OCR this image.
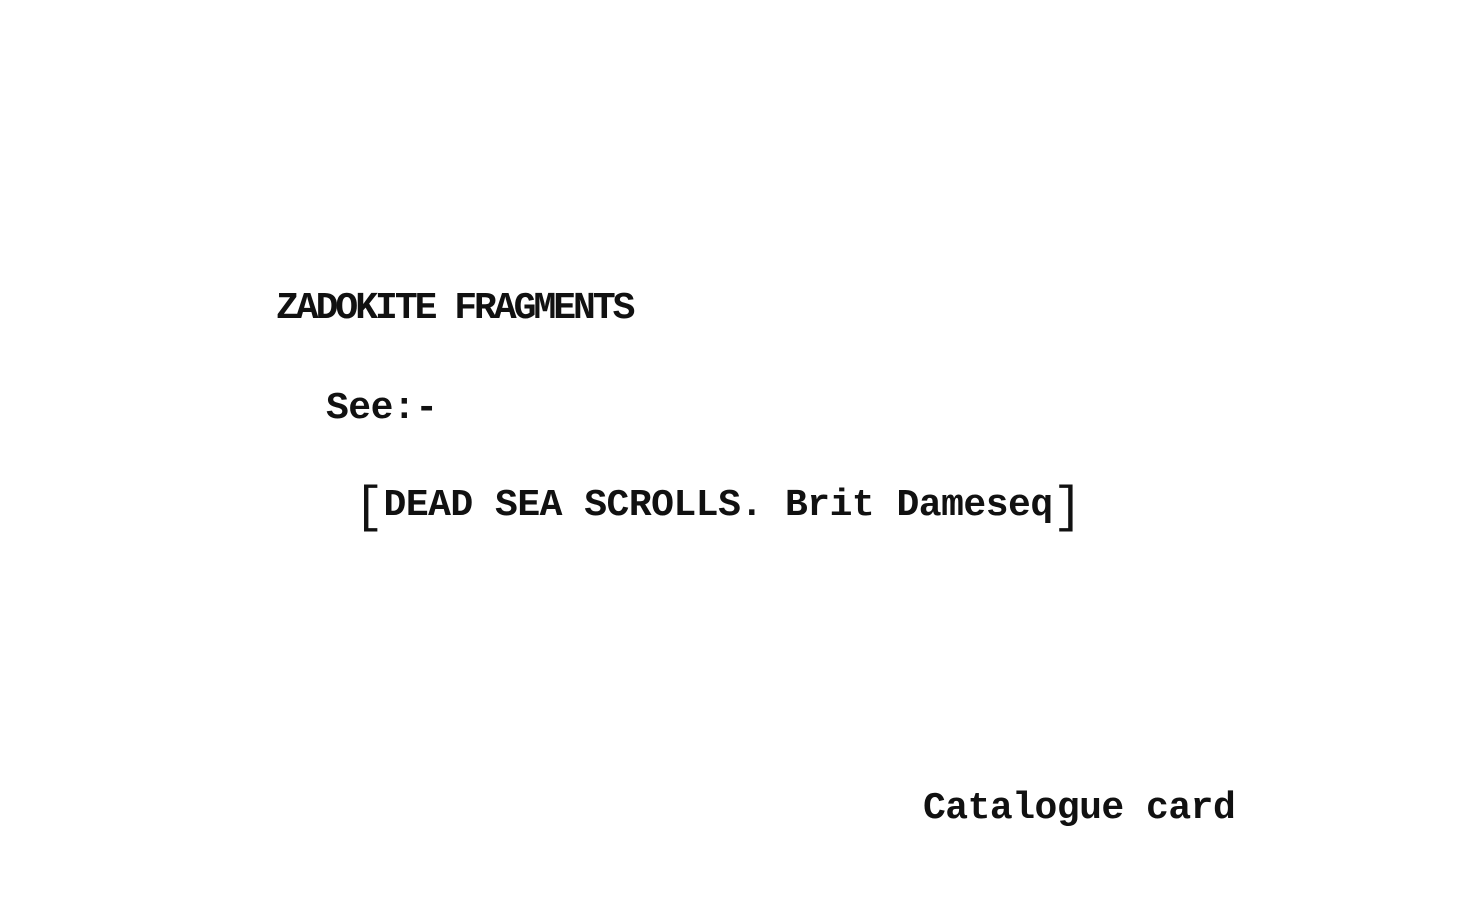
ZADOKITE FRAGMENTS
See:-
[DEAD SEA SCROLLS. Brit Dameseq]
Catalogue card
